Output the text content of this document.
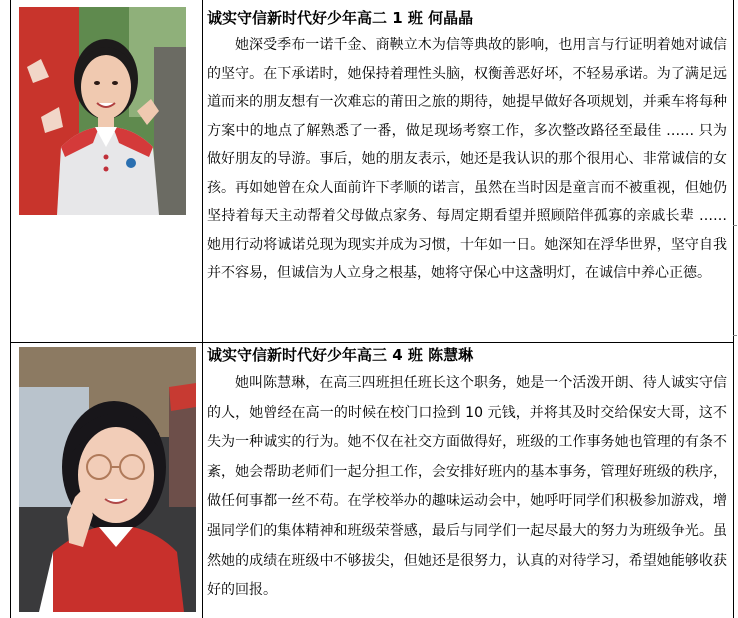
诚实守信新时代好少年高二 1 班 何晶晶
她深受季布一诺千金、商鞅立木为信等典故的影响，也用言与行证明着她对诚信的坚守。在下承诺时，她保持着理性头脑，权衡善恶好坏，不轻易承诺。为了满足远道而来的朋友想有一次难忘的莆田之旅的期待，她提早做好各项规划，并乘车将每种方案中的地点了解熟悉了一番，做足现场考察工作，多次整改路径至最佳 …… 只为做好朋友的导游。事后，她的朋友表示，她还是我认识的那个很用心、非常诚信的女孩。再如她曾在众人面前许下孝顺的诺言，虽然在当时因是童言而不被重视，但她仍坚持着每天主动帮着父母做点家务、每周定期看望并照顾陪伴孤寡的亲戚长辈 …… 她用行动将诚诺兑现为现实并成为习惯，十年如一日。她深知在浮华世界，坚守自我并不容易，但诚信为人立身之根基，她将守保心中这盏明灯，在诚信中养心正德。
诚实守信新时代好少年高三 4 班 陈慧琳
她叫陈慧琳，在高三四班担任班长这个职务，她是一个活泼开朗、待人诚实守信的人，她曾经在高一的时候在校门口捡到 10 元钱，并将其及时交给保安大哥，这不失为一种诚实的行为。她不仅在社交方面做得好，班级的工作事务她也管理的有条不紊，她会帮助老师们一起分担工作，会安排好班内的基本事务，管理好班级的秩序，做任何事都一丝不苟。在学校举办的趣味运动会中，她呼吁同学们积极参加游戏，增强同学们的集体精神和班级荣誉感，最后与同学们一起尽最大的努力为班级争光。虽然她的成绩在班级中不够拔尖，但她还是很努力，认真的对待学习，希望她能够收获好的回报。
